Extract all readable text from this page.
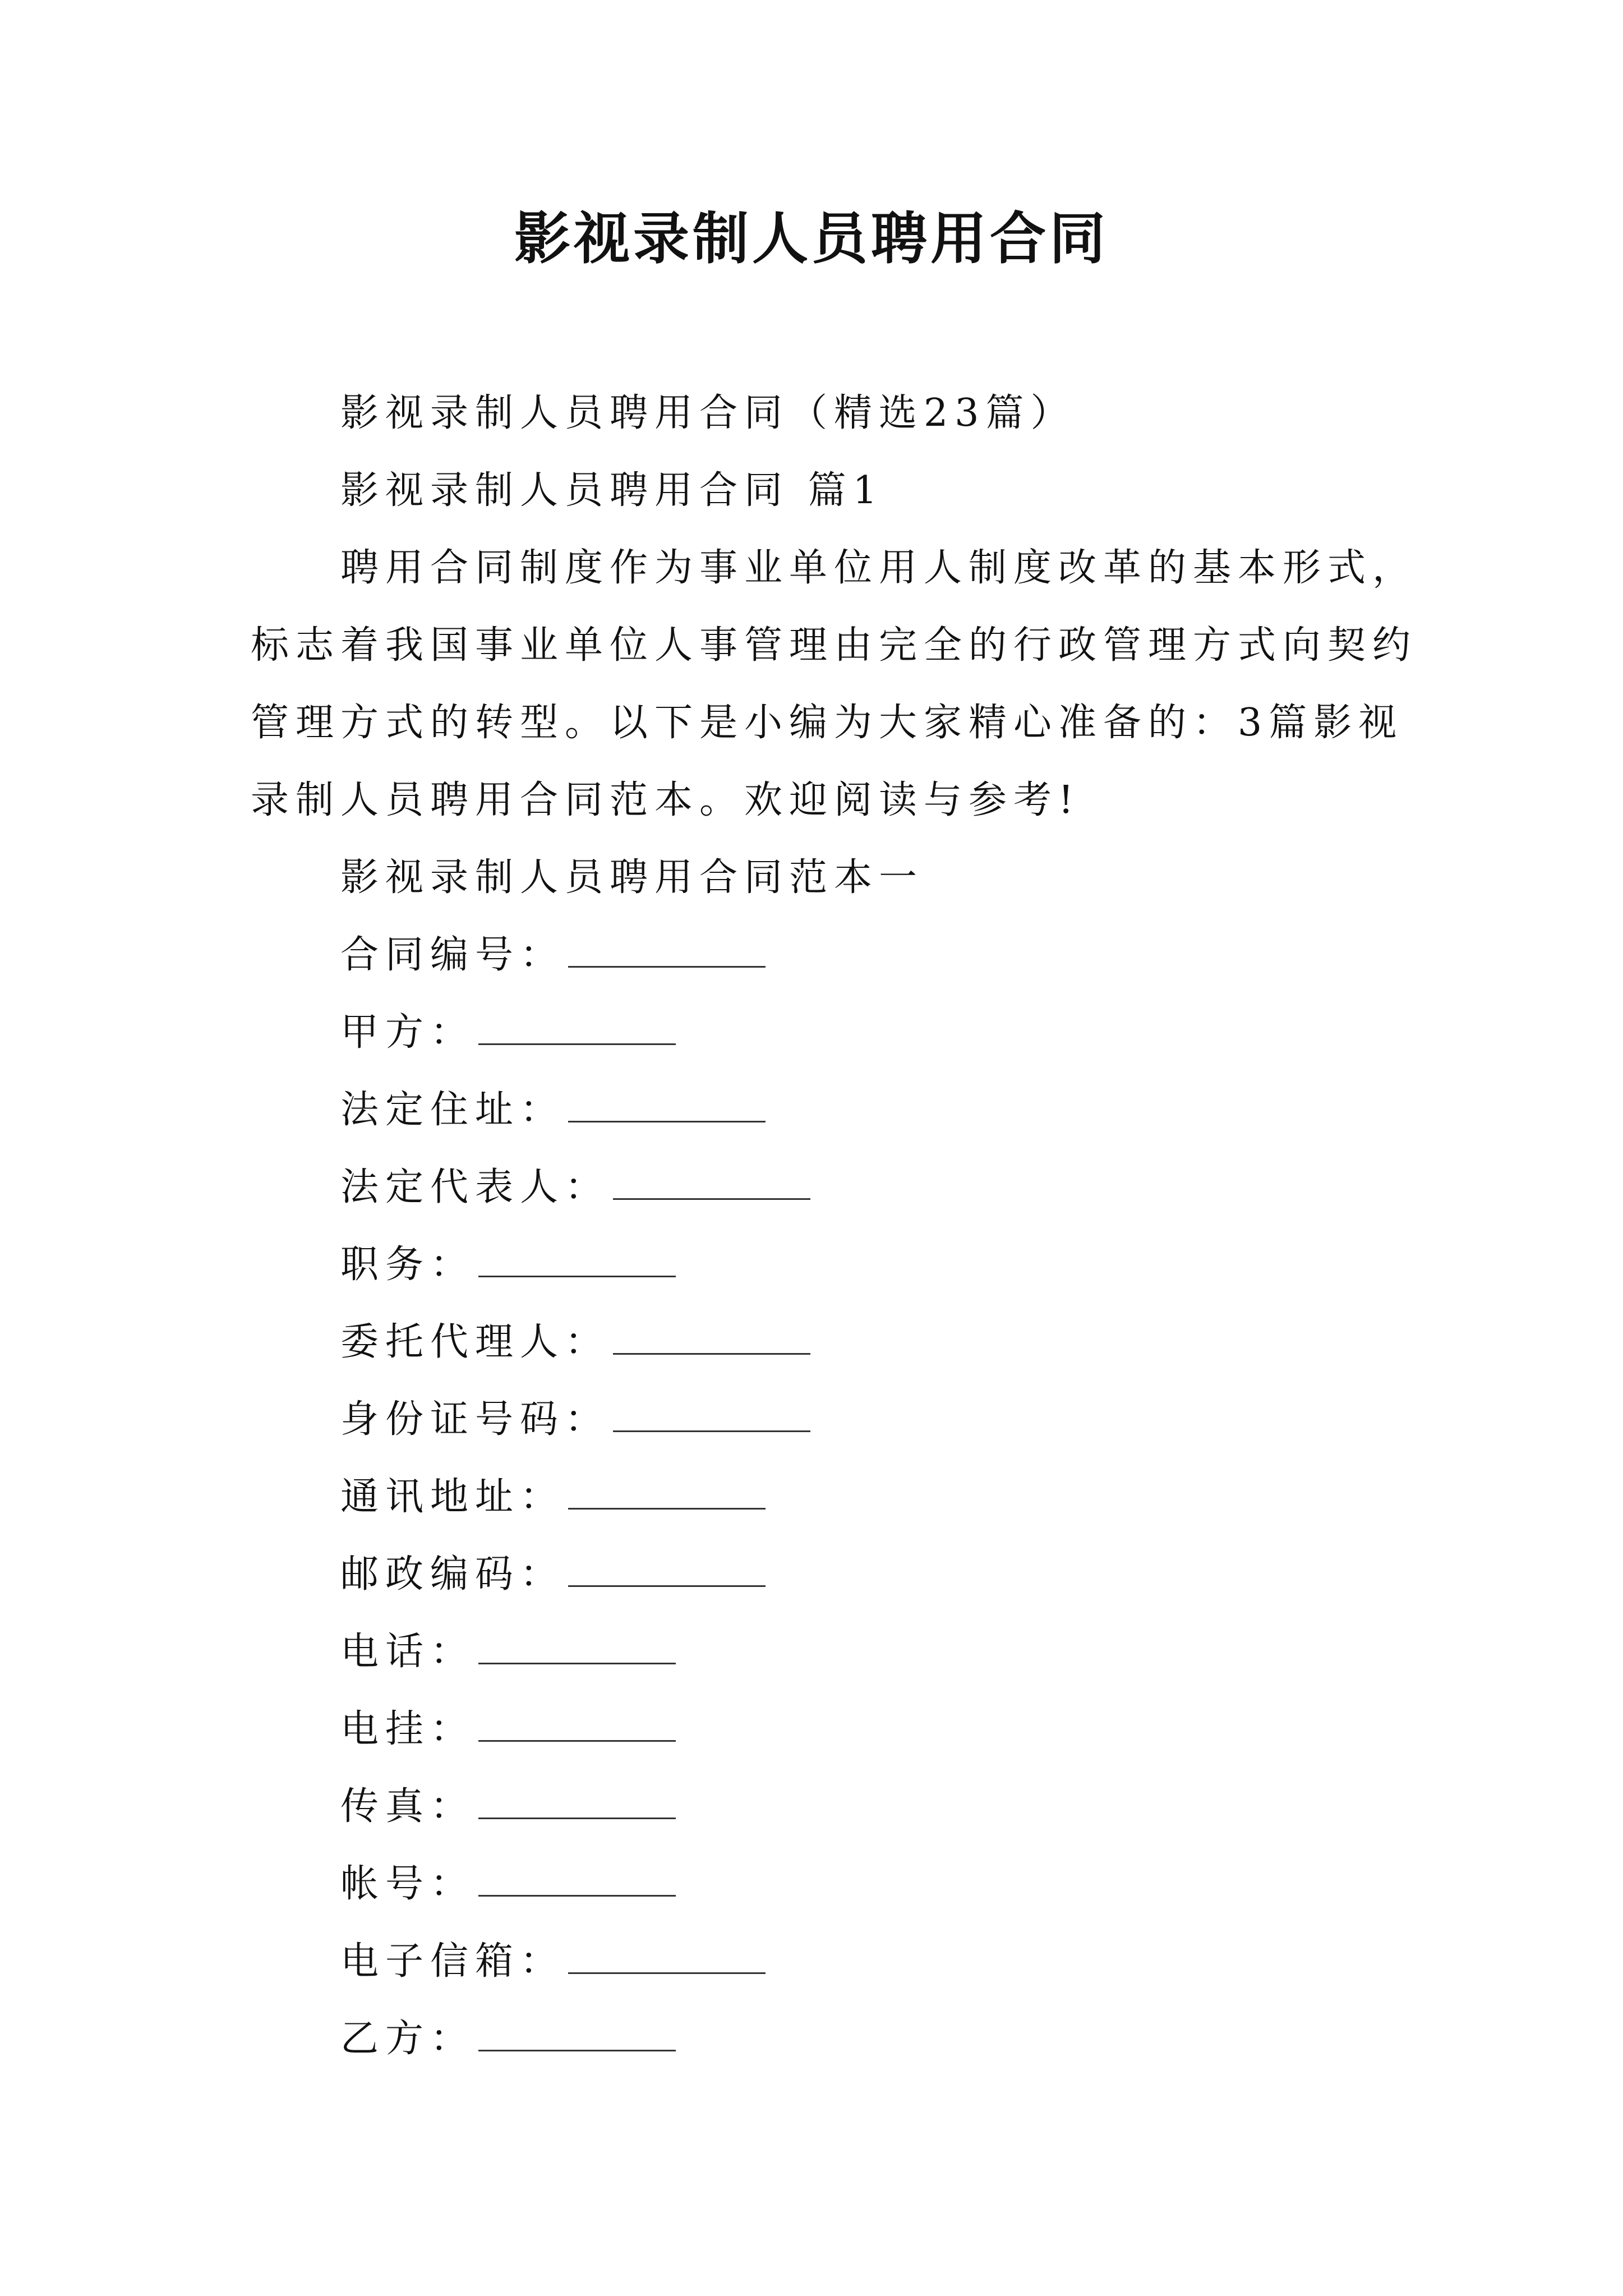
影视录制人员聘用合同

影视录制人员聘用合同（精选23篇）

影视录制人员聘用合同 篇1

聘用合同制度作为事业单位用人制度改革的基本形式，标志着我国事业单位人事管理由完全的行政管理方式向契约管理方式的转型。以下是小编为大家精心准备的：3篇影视录制人员聘用合同范本。欢迎阅读与参考!

影视录制人员聘用合同范本一

合同编号：
甲方：
法定住址：
法定代表人：
职务：
委托代理人：
身份证号码：
通讯地址：
邮政编码：
电话：
电挂：
传真：
帐号：
电子信箱：
乙方：
